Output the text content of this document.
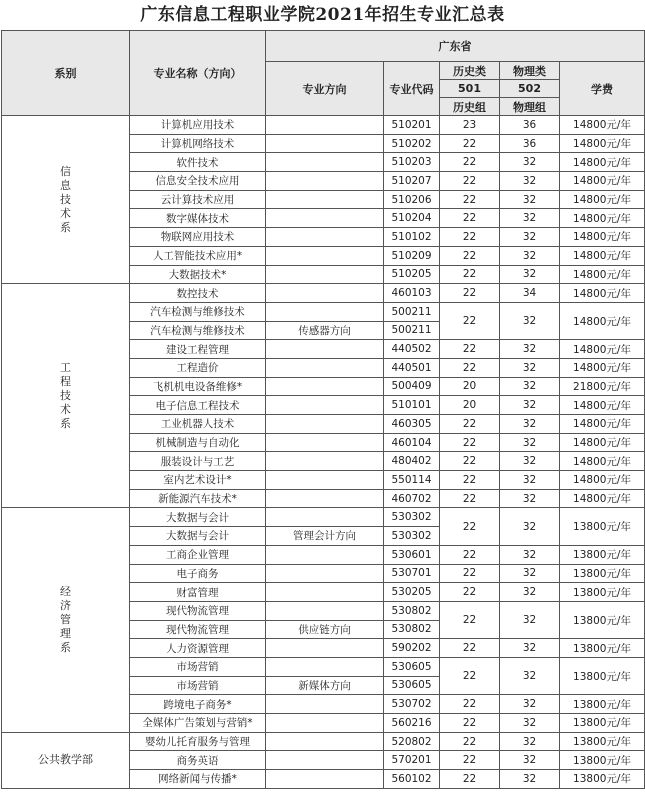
广东信息工程职业学院2021年招生专业汇总表
系别	专业名称（方向）	广东省				
		专业方向	专业代码	历史类	物理类	学费
				501	502	
				历史组	物理组	
信息技术系	计算机应用技术		510201	23	36	14800元/年
	计算机网络技术		510202	22	36	14800元/年
	软件技术		510203	22	32	14800元/年
	信息安全技术应用		510207	22	32	14800元/年
	云计算技术应用		510206	22	32	14800元/年
	数字媒体技术		510204	22	32	14800元/年
	物联网应用技术		510102	22	32	14800元/年
	人工智能技术应用*		510209	22	32	14800元/年
	大数据技术*		510205	22	32	14800元/年
工程技术系	数控技术		460103	22	34	14800元/年
	汽车检测与维修技术		500211	22	32	14800元/年
	汽车检测与维修技术	传感器方向	500211			
	建设工程管理		440502	22	32	14800元/年
	工程造价		440501	22	32	14800元/年
	飞机机电设备维修*		500409	20	32	21800元/年
	电子信息工程技术		510101	20	32	14800元/年
	工业机器人技术		460305	22	32	14800元/年
	机械制造与自动化		460104	22	32	14800元/年
	服装设计与工艺		480402	22	32	14800元/年
	室内艺术设计*		550114	22	32	14800元/年
	新能源汽车技术*		460702	22	32	14800元/年
经济管理系	大数据与会计		530302	22	32	13800元/年
	大数据与会计	管理会计方向	530302			
	工商企业管理		530601	22	32	13800元/年
	电子商务		530701	22	32	13800元/年
	财富管理		530205	22	32	13800元/年
	现代物流管理		530802	22	32	13800元/年
	现代物流管理	供应链方向	530802			
	人力资源管理		590202	22	32	13800元/年
	市场营销		530605	22	32	13800元/年
	市场营销	新媒体方向	530605			
	跨境电子商务*		530702	22	32	13800元/年
	全媒体广告策划与营销*		560216	22	32	13800元/年
公共教学部	婴幼儿托育服务与管理		520802	22	32	13800元/年
	商务英语		570201	22	32	13800元/年
	网络新闻与传播*		560102	22	32	13800元/年
